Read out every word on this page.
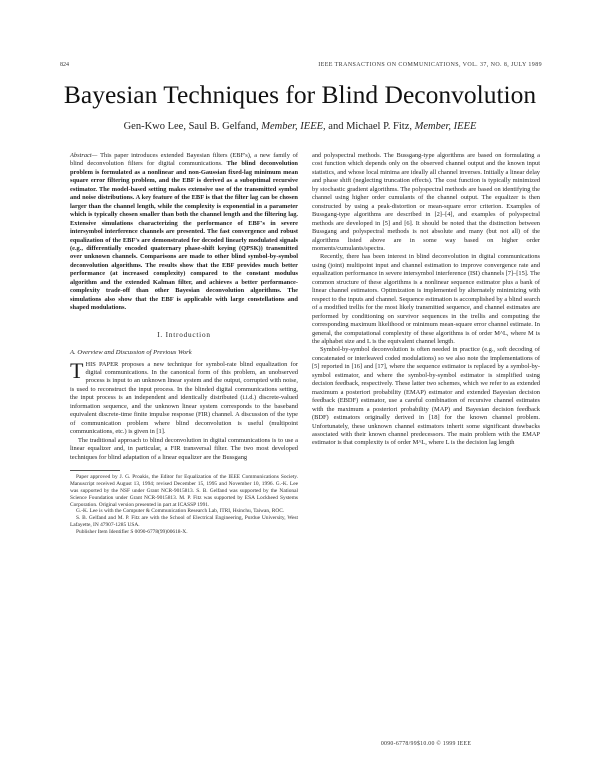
824	IEEE TRANSACTIONS ON COMMUNICATIONS, VOL. 37, NO. 8, JULY 1989
Bayesian Techniques for Blind Deconvolution
Gen-Kwo Lee, Saul B. Gelfand, Member, IEEE, and Michael P. Fitz, Member, IEEE

Abstract— This paper introduces extended Bayesian filters (EBF's), a new family of blind deconvolution filters for digital communications. The blind deconvolution problem is formulated as a nonlinear and non-Gaussian fixed-lag minimum mean square error filtering problem, and the EBF is derived as a suboptimal recursive estimator. The model-based setting makes extensive use of the transmitted symbol and noise distributions. A key feature of the EBF is that the filter lag can be chosen larger than the channel length, while the complexity is exponential in a parameter which is typically chosen smaller than both the channel length and the filtering lag. Extensive simulations characterizing the performance of EBF's in severe intersymbol interference channels are presented. The fast convergence and robust equalization of the EBF's are demonstrated for decoded linearly modulated signals (e.g., differentially encoded quaternary phase-shift keying (QPSK)) transmitted over unknown channels. Comparisons are made to other blind symbol-by-symbol deconvolution algorithms. The results show that the EBF provides much better performance (at increased complexity) compared to the constant modulus algorithm and the extended Kalman filter, and achieves a better performance-complexity trade-off than other Bayesian deconvolution algorithms. The simulations also show that the EBF is applicable with large constellations and shaped modulations.

I. Introduction
A. Overview and Discussion of Previous Work

T HIS PAPER proposes a new technique for symbol-rate blind equalization for digital communications. In the canonical form of this problem, an unobserved process is input to an unknown linear system and the output, corrupted with noise, is used to reconstruct the input process. In the blinded digital communications setting, the input process is an independent and identically distributed (i.i.d.) discrete-valued information sequence, and the unknown linear system corresponds to the baseband equivalent discrete-time finite impulse response (FIR) channel. A discussion of the type of communication problem where blind deconvolution is useful (multipoint communications, etc.) is given in [1].

The traditional approach to blind deconvolution in digital communications is to use a linear equalizer and, in particular, a FIR transversal filter. The two most developed techniques for blind adaptation of a linear equalizer are the Bussgang

Paper approved by J. G. Proakis, the Editor for Equalization of the IEEE Communications Society. Manuscript received August 13, 1994; revised December 15, 1995 and November 10, 1996. G.-K. Lee was supported by the NSF under Grant NCR-9015813. S. B. Gelfand was supported by the National Science Foundation under Grant NCR-9015813. M. P. Fitz was supported by ESA Lockheed Systems Corporation. Original version presented in part at ICASSP 1991.

G.-K. Lee is with the Computer & Communication Research Lab, ITRI, Hsinchu, Taiwan, ROC.

S. B. Gelfand and M. P. Fitz are with the School of Electrical Engineering, Purdue University, West Lafayette, IN 47907-1285 USA.

Publisher Item Identifier S 0090-6778(99)00618-X.

and polyspectral methods. The Bussgang-type algorithms are based on formulating a cost function which depends only on the observed channel output and the known input statistics, and whose local minima are ideally all channel inverses. Initially a linear delay and phase shift (neglecting truncation effects). The cost function is typically minimized by stochastic gradient algorithms. The polyspectral methods are based on identifying the channel using higher order cumulants of the channel output. The equalizer is then constructed by using a peak-distortion or mean-square error criterion. Examples of Bussgang-type algorithms are described in [2]–[4], and examples of polyspectral methods are developed in [5] and [6]. It should be noted that the distinction between Bussgang and polyspectral methods is not absolute and many (but not all) of the algorithms listed above are in some way based on higher order moments/cumulants/spectra.

Recently, there has been interest in blind deconvolution in digital communications using (joint) multipoint input and channel estimation to improve convergence rate and equalization performance in severe intersymbol interference (ISI) channels [7]–[15]. The common structure of these algorithms is a nonlinear sequence estimator plus a bank of linear channel estimators. Optimization is implemented by alternately minimizing with respect to the inputs and channel. Sequence estimation is accomplished by a blind search of a modified trellis for the most likely transmitted sequence, and channel estimates are performed by conditioning on survivor sequences in the trellis and computing the corresponding maximum likelihood or minimum mean-square error channel estimate. In general, the computational complexity of these algorithms is of order M^L, where M is the alphabet size and L is the equivalent channel length.

Symbol-by-symbol deconvolution is often needed in practice (e.g., soft decoding of concatenated or interleaved coded modulations) so we also note the implementations of [5] reported in [16] and [17], where the sequence estimator is replaced by a symbol-by-symbol estimator, and where the symbol-by-symbol estimator is simplified using decision feedback, respectively. These latter two schemes, which we refer to as extended maximum a posteriori probability (EMAP) estimator and extended Bayesian decision feedback (EBDF) estimator, use a careful combination of recursive channel estimates with the maximum a posteriori probability (MAP) and Bayesian decision feedback (BDF) estimators originally derived in [18] for the known channel problem. Unfortunately, these unknown channel estimators inherit some significant drawbacks associated with their known channel predecessors. The main problem with the EMAP estimator is that complexity is of order M^L, where L is the decision lag length

0090-6778/99$10.00 © 1999 IEEE
